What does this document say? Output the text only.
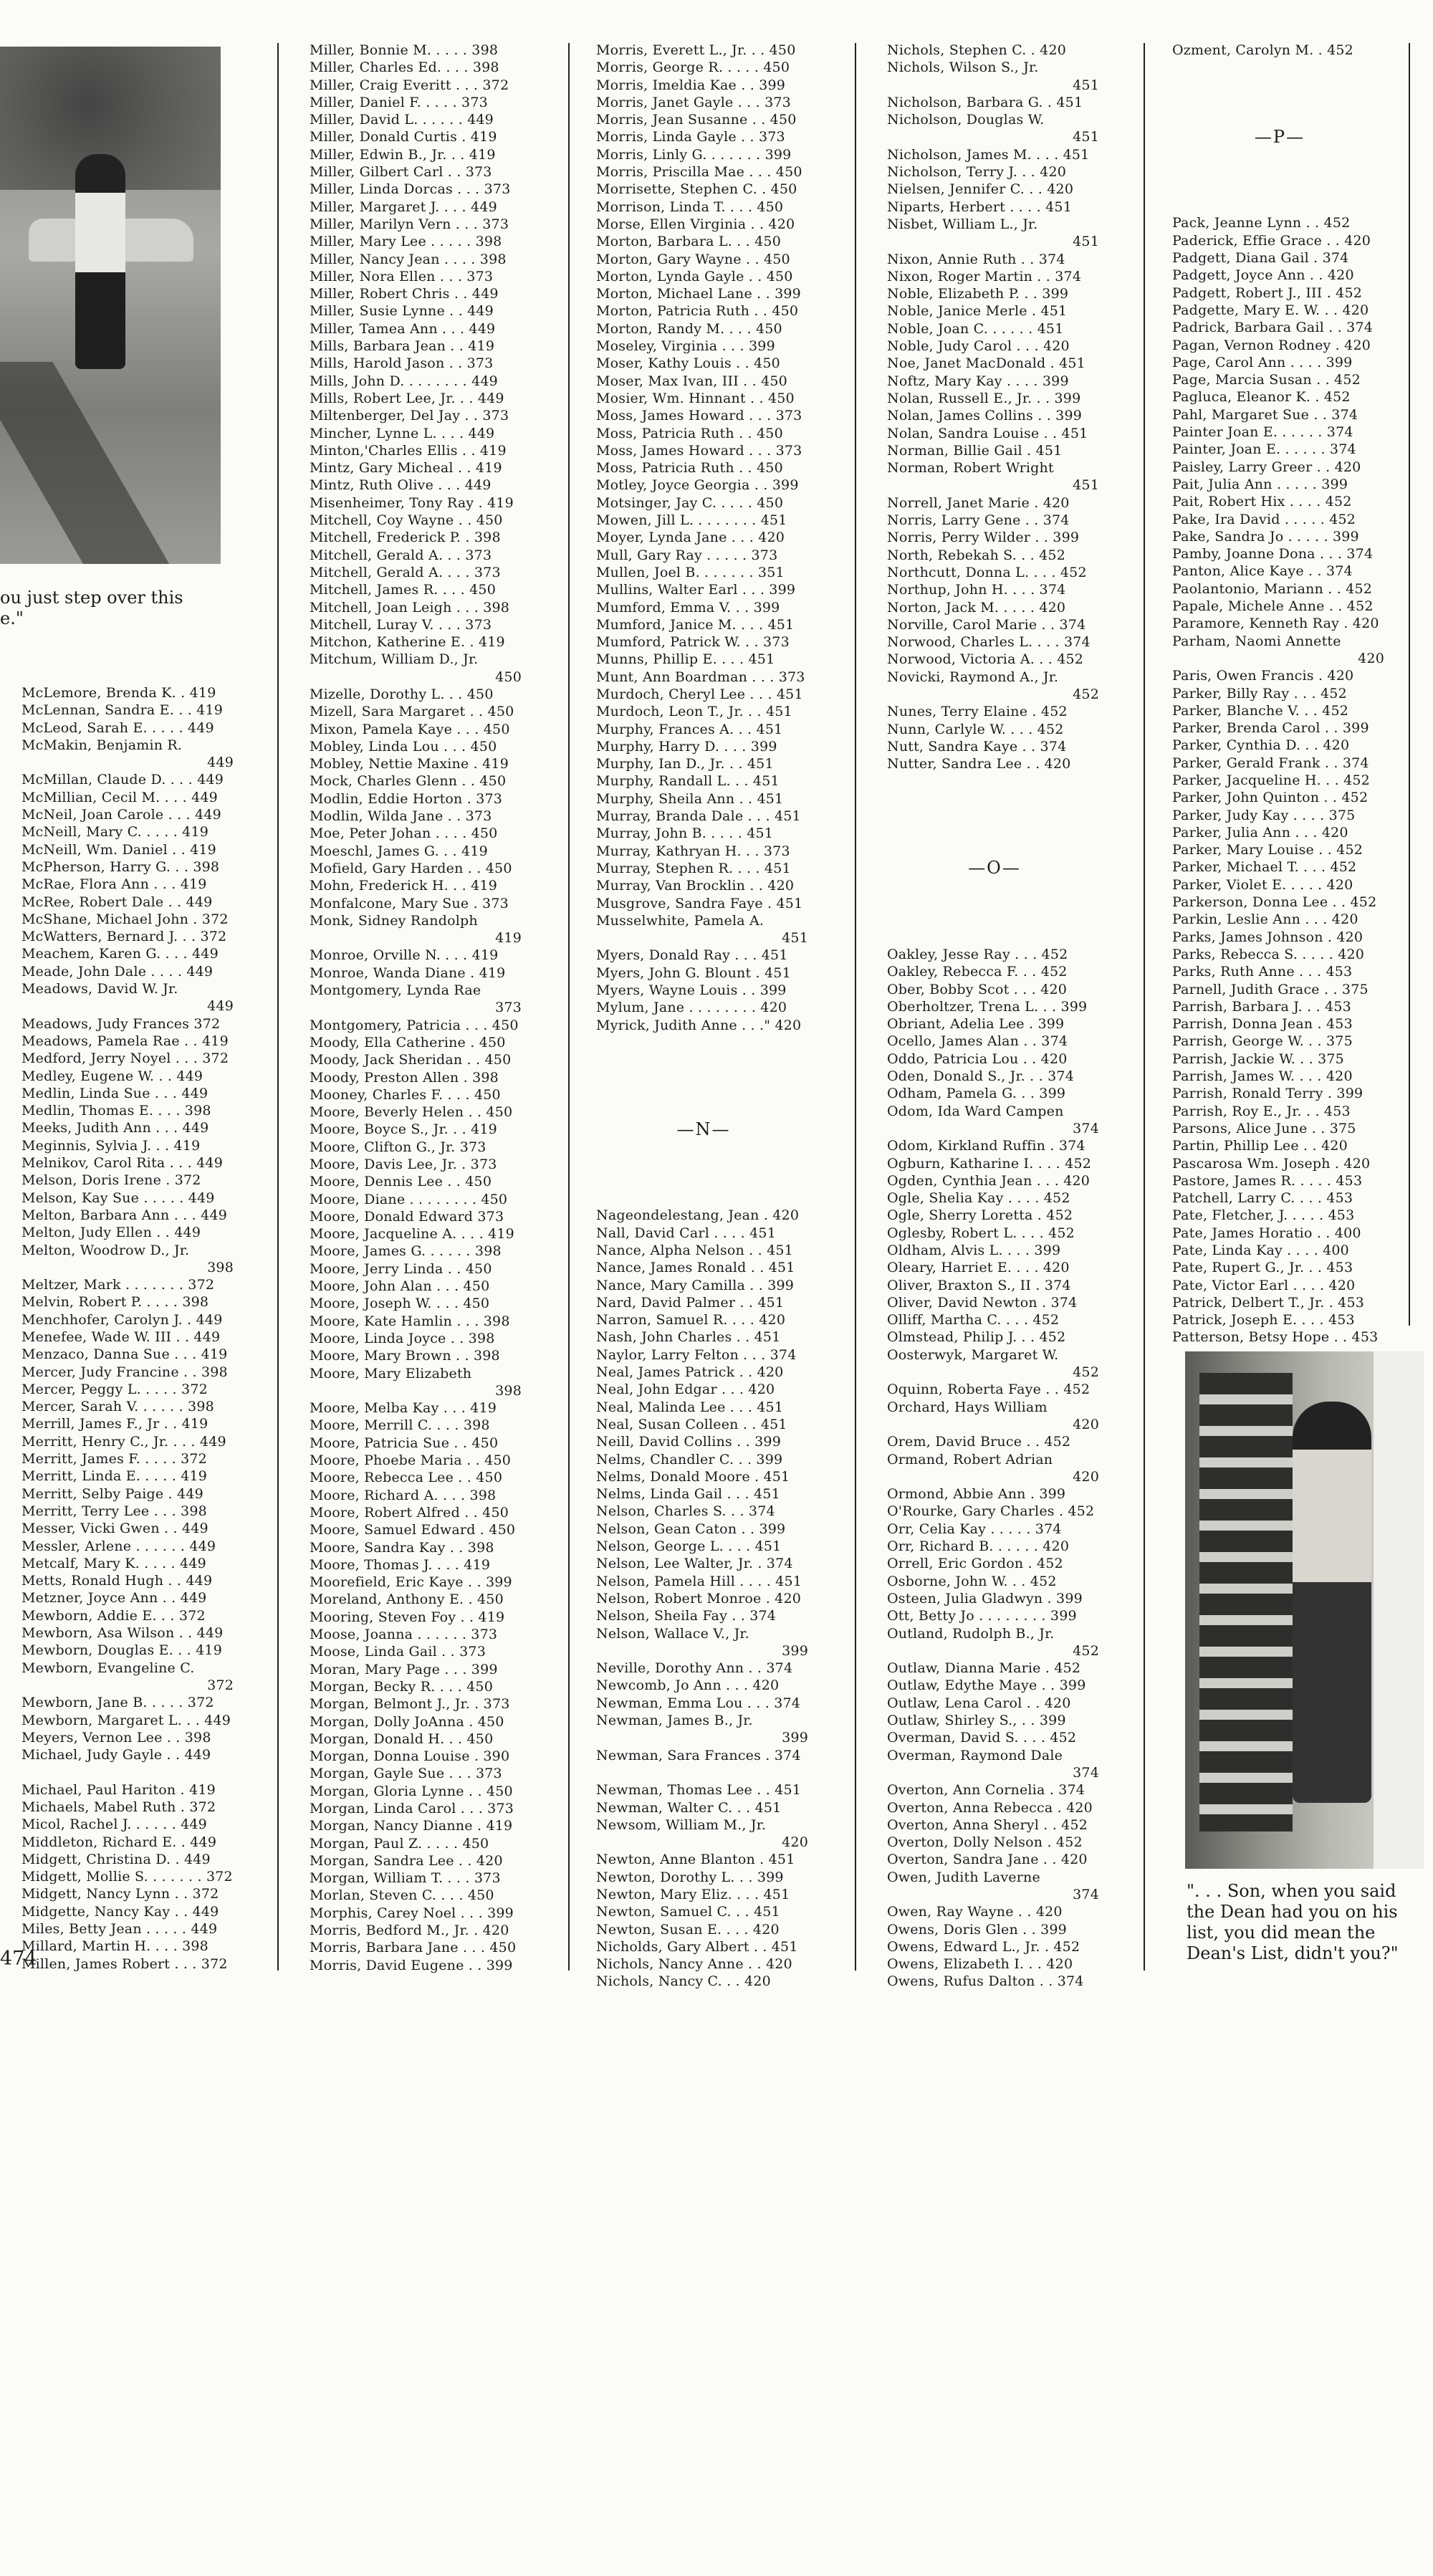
ou just step over this
e."
McLemore, Brenda K. . 419
McLennan, Sandra E. . . 419
McLeod, Sarah E. . . . . 449
McMakin, Benjamin R.
449
McMillan, Claude D. . . . 449
McMillian, Cecil M. . . . 449
McNeil, Joan Carole . . . 449
McNeill, Mary C. . . . . 419
McNeill, Wm. Daniel . . 419
McPherson, Harry G. . . 398
McRae, Flora Ann . . . 419
McRee, Robert Dale . . 449
McShane, Michael John . 372
McWatters, Bernard J. . . 372
Meachem, Karen G. . . . 449
Meade, John Dale . . . . 449
Meadows, David W. Jr.
449
Meadows, Judy Frances 372
Meadows, Pamela Rae . . 419
Medford, Jerry Noyel . . . 372
Medley, Eugene W. . . 449
Medlin, Linda Sue . . . 449
Medlin, Thomas E. . . . 398
Meeks, Judith Ann . . . 449
Meginnis, Sylvia J. . . 419
Melnikov, Carol Rita . . . 449
Melson, Doris Irene . 372
Melson, Kay Sue . . . . . 449
Melton, Barbara Ann . . . 449
Melton, Judy Ellen . . 449
Melton, Woodrow D., Jr.
398
Meltzer, Mark . . . . . . . 372
Melvin, Robert P. . . . . 398
Menchhofer, Carolyn J. . 449
Menefee, Wade W. III . . 449
Menzaco, Danna Sue . . . 419
Mercer, Judy Francine . . 398
Mercer, Peggy L. . . . . 372
Mercer, Sarah V. . . . . . 398
Merrill, James F., Jr . . 419
Merritt, Henry C., Jr. . . . 449
Merritt, James F. . . . . 372
Merritt, Linda E. . . . . 419
Merritt, Selby Paige . 449
Merritt, Terry Lee . . . 398
Messer, Vicki Gwen . . 449
Messler, Arlene . . . . . . 449
Metcalf, Mary K. . . . . 449
Metts, Ronald Hugh . . 449
Metzner, Joyce Ann . . 449
Mewborn, Addie E. . . 372
Mewborn, Asa Wilson . . 449
Mewborn, Douglas E. . . 419
Mewborn, Evangeline C.
372
Mewborn, Jane B. . . . . 372
Mewborn, Margaret L. . . 449
Meyers, Vernon Lee . . 398
Michael, Judy Gayle . . 449
Michael, Paul Hariton . 419
Michaels, Mabel Ruth . 372
Micol, Rachel J. . . . . . 449
Middleton, Richard E. . 449
Midgett, Christina D. . 449
Midgett, Mollie S. . . . . . . 372
Midgett, Nancy Lynn . . 372
Midgette, Nancy Kay . . 449
Miles, Betty Jean . . . . . 449
Millard, Martin H. . . . 398
Millen, James Robert . . . 372
Miller, Bonnie M. . . . . 398
Miller, Charles Ed. . . . 398
Miller, Craig Everitt . . . 372
Miller, Daniel F. . . . . 373
Miller, David L. . . . . . 449
Miller, Donald Curtis . 419
Miller, Edwin B., Jr. . . 419
Miller, Gilbert Carl . . 373
Miller, Linda Dorcas . . . 373
Miller, Margaret J. . . . 449
Miller, Marilyn Vern . . . 373
Miller, Mary Lee . . . . . 398
Miller, Nancy Jean . . . . 398
Miller, Nora Ellen . . . 373
Miller, Robert Chris . . 449
Miller, Susie Lynne . . 449
Miller, Tamea Ann . . . 449
Mills, Barbara Jean . . 419
Mills, Harold Jason . . 373
Mills, John D. . . . . . . . 449
Mills, Robert Lee, Jr. . . 449
Miltenberger, Del Jay . . 373
Mincher, Lynne L. . . . 449
Minton,'Charles Ellis . . 419
Mintz, Gary Micheal . . 419
Mintz, Ruth Olive . . . 449
Misenheimer, Tony Ray . 419
Mitchell, Coy Wayne . . 450
Mitchell, Frederick P. . 398
Mitchell, Gerald A. . . 373
Mitchell, Gerald A. . . . 373
Mitchell, James R. . . . 450
Mitchell, Joan Leigh . . . 398
Mitchell, Luray V. . . . 373
Mitchon, Katherine E. . 419
Mitchum, William D., Jr.
450
Mizelle, Dorothy L. . . 450
Mizell, Sara Margaret . . 450
Mixon, Pamela Kaye . . . 450
Mobley, Linda Lou . . . 450
Mobley, Nettie Maxine . 419
Mock, Charles Glenn . . 450
Modlin, Eddie Horton . 373
Modlin, Wilda Jane . . 373
Moe, Peter Johan . . . . 450
Moeschl, James G. . . 419
Mofield, Gary Harden . . 450
Mohn, Frederick H. . . 419
Monfalcone, Mary Sue . 373
Monk, Sidney Randolph
419
Monroe, Orville N. . . . 419
Monroe, Wanda Diane . 419
Montgomery, Lynda Rae
373
Montgomery, Patricia . . . 450
Moody, Ella Catherine . 450
Moody, Jack Sheridan . . 450
Moody, Preston Allen . 398
Mooney, Charles F. . . . 450
Moore, Beverly Helen . . 450
Moore, Boyce S., Jr. . . 419
Moore, Clifton G., Jr. 373
Moore, Davis Lee, Jr. . 373
Moore, Dennis Lee . . 450
Moore, Diane . . . . . . . . 450
Moore, Donald Edward 373
Moore, Jacqueline A. . . . 419
Moore, James G. . . . . . 398
Moore, Jerry Linda . . 450
Moore, John Alan . . . 450
Moore, Joseph W. . . . 450
Moore, Kate Hamlin . . . 398
Moore, Linda Joyce . . 398
Moore, Mary Brown . . 398
Moore, Mary Elizabeth
398
Moore, Melba Kay . . . 419
Moore, Merrill C. . . . 398
Moore, Patricia Sue . . 450
Moore, Phoebe Maria . . 450
Moore, Rebecca Lee . . 450
Moore, Richard A. . . . 398
Moore, Robert Alfred . . 450
Moore, Samuel Edward . 450
Moore, Sandra Kay . . 398
Moore, Thomas J. . . . 419
Moorefield, Eric Kaye . . 399
Moreland, Anthony E. . 450
Mooring, Steven Foy . . 419
Moose, Joanna . . . . . . 373
Moose, Linda Gail . . 373
Moran, Mary Page . . . 399
Morgan, Becky R. . . . 450
Morgan, Belmont J., Jr. . 373
Morgan, Dolly JoAnna . 450
Morgan, Donald H. . . 450
Morgan, Donna Louise . 390
Morgan, Gayle Sue . . . 373
Morgan, Gloria Lynne . . 450
Morgan, Linda Carol . . . 373
Morgan, Nancy Dianne . 419
Morgan, Paul Z. . . . . 450
Morgan, Sandra Lee . . 420
Morgan, William T. . . . 373
Morlan, Steven C. . . . 450
Morphis, Carey Noel . . . 399
Morris, Bedford M., Jr. . 420
Morris, Barbara Jane . . . 450
Morris, David Eugene . . 399
Morris, Everett L., Jr. . . 450
Morris, George R. . . . . 450
Morris, Imeldia Kae . . 399
Morris, Janet Gayle . . . 373
Morris, Jean Susanne . . 450
Morris, Linda Gayle . . 373
Morris, Linly G. . . . . . . 399
Morris, Priscilla Mae . . . 450
Morrisette, Stephen C. . 450
Morrison, Linda T. . . . 450
Morse, Ellen Virginia . . 420
Morton, Barbara L. . . 450
Morton, Gary Wayne . . 450
Morton, Lynda Gayle . . 450
Morton, Michael Lane . . 399
Morton, Patricia Ruth . . 450
Morton, Randy M. . . . 450
Moseley, Virginia . . . 399
Moser, Kathy Louis . . 450
Moser, Max Ivan, III . . 450
Mosier, Wm. Hinnant . . 450
Moss, James Howard . . . 373
Moss, Patricia Ruth . . 450
Moss, James Howard . . . 373
Moss, Patricia Ruth . . 450
Motley, Joyce Georgia . . 399
Motsinger, Jay C. . . . . 450
Mowen, Jill L. . . . . . . . 451
Moyer, Lynda Jane . . . 420
Mull, Gary Ray . . . . . 373
Mullen, Joel B. . . . . . . 351
Mullins, Walter Earl . . . 399
Mumford, Emma V. . . 399
Mumford, Janice M. . . . 451
Mumford, Patrick W. . . 373
Munns, Phillip E. . . . 451
Munt, Ann Boardman . . . 373
Murdoch, Cheryl Lee . . . 451
Murdoch, Leon T., Jr. . . 451
Murphy, Frances A. . . 451
Murphy, Harry D. . . . 399
Murphy, Ian D., Jr. . . 451
Murphy, Randall L. . . 451
Murphy, Sheila Ann . . 451
Murray, Branda Dale . . . 451
Murray, John B. . . . . 451
Murray, Kathryan H. . . 373
Murray, Stephen R. . . . 451
Murray, Van Brocklin . . 420
Musgrove, Sandra Faye . 451
Musselwhite, Pamela A.
451
Myers, Donald Ray . . . 451
Myers, John G. Blount . 451
Myers, Wayne Louis . . 399
Mylum, Jane . . . . . . . . 420
Myrick, Judith Anne . . ." 420
—N—
Nageondelestang, Jean . 420
Nall, David Carl . . . . 451
Nance, Alpha Nelson . . 451
Nance, James Ronald . . 451
Nance, Mary Camilla . . 399
Nard, David Palmer . . 451
Narron, Samuel R. . . . 420
Nash, John Charles . . 451
Naylor, Larry Felton . . . 374
Neal, James Patrick . . 420
Neal, John Edgar . . . 420
Neal, Malinda Lee . . . 451
Neal, Susan Colleen . . 451
Neill, David Collins . . 399
Nelms, Chandler C. . . 399
Nelms, Donald Moore . 451
Nelms, Linda Gail . . . 451
Nelson, Charles S. . . 374
Nelson, Gean Caton . . 399
Nelson, George L. . . . 451
Nelson, Lee Walter, Jr. . 374
Nelson, Pamela Hill . . . . 451
Nelson, Robert Monroe . 420
Nelson, Sheila Fay . . 374
Nelson, Wallace V., Jr.
399
Neville, Dorothy Ann . . 374
Newcomb, Jo Ann . . . 420
Newman, Emma Lou . . . 374
Newman, James B., Jr.
399
Newman, Sara Frances . 374
Newman, Thomas Lee . . 451
Newman, Walter C. . . 451
Newsom, William M., Jr.
420
Newton, Anne Blanton . 451
Newton, Dorothy L. . . 399
Newton, Mary Eliz. . . . 451
Newton, Samuel C. . . 451
Newton, Susan E. . . . 420
Nicholds, Gary Albert . . 451
Nichols, Nancy Anne . . 420
Nichols, Nancy C. . . 420
Nichols, Stephen C. . 420
Nichols, Wilson S., Jr.
451
Nicholson, Barbara G. . 451
Nicholson, Douglas W.
451
Nicholson, James M. . . . 451
Nicholson, Terry J. . . 420
Nielsen, Jennifer C. . . 420
Niparts, Herbert . . . . 451
Nisbet, William L., Jr.
451
Nixon, Annie Ruth . . 374
Nixon, Roger Martin . . 374
Noble, Elizabeth P. . . 399
Noble, Janice Merle . 451
Noble, Joan C. . . . . . 451
Noble, Judy Carol . . . 420
Noe, Janet MacDonald . 451
Noftz, Mary Kay . . . . 399
Nolan, Russell E., Jr. . . 399
Nolan, James Collins . . 399
Nolan, Sandra Louise . . 451
Norman, Billie Gail . 451
Norman, Robert Wright
451
Norrell, Janet Marie . 420
Norris, Larry Gene . . 374
Norris, Perry Wilder . . 399
North, Rebekah S. . . 452
Northcutt, Donna L. . . . 452
Northup, John H. . . . 374
Norton, Jack M. . . . . 420
Norville, Carol Marie . . 374
Norwood, Charles L. . . . 374
Norwood, Victoria A. . . 452
Novicki, Raymond A., Jr.
452
Nunes, Terry Elaine . 452
Nunn, Carlyle W. . . . 452
Nutt, Sandra Kaye . . 374
Nutter, Sandra Lee . . 420
—O—
Oakley, Jesse Ray . . . 452
Oakley, Rebecca F. . . 452
Ober, Bobby Scot . . . 420
Oberholtzer, Trena L. . . 399
Obriant, Adelia Lee . 399
Ocello, James Alan . . 374
Oddo, Patricia Lou . . 420
Oden, Donald S., Jr. . . 374
Odham, Pamela G. . . 399
Odom, Ida Ward Campen
374
Odom, Kirkland Ruffin . 374
Ogburn, Katharine I. . . . 452
Ogden, Cynthia Jean . . . 420
Ogle, Shelia Kay . . . . 452
Ogle, Sherry Loretta . 452
Oglesby, Robert L. . . . 452
Oldham, Alvis L. . . . 399
Oleary, Harriet E. . . . 420
Oliver, Braxton S., II . 374
Oliver, David Newton . 374
Olliff, Martha C. . . . 452
Olmstead, Philip J. . . 452
Oosterwyk, Margaret W.
452
Oquinn, Roberta Faye . . 452
Orchard, Hays William
420
Orem, David Bruce . . 452
Ormand, Robert Adrian
420
Ormond, Abbie Ann . 399
O'Rourke, Gary Charles . 452
Orr, Celia Kay . . . . . 374
Orr, Richard B. . . . . . 420
Orrell, Eric Gordon . 452
Osborne, John W. . . 452
Osteen, Julia Gladwyn . 399
Ott, Betty Jo . . . . . . . . 399
Outland, Rudolph B., Jr.
452
Outlaw, Dianna Marie . 452
Outlaw, Edythe Maye . . 399
Outlaw, Lena Carol . . 420
Outlaw, Shirley S., . . 399
Overman, David S. . . . 452
Overman, Raymond Dale
374
Overton, Ann Cornelia . 374
Overton, Anna Rebecca . 420
Overton, Anna Sheryl . . 452
Overton, Dolly Nelson . 452
Overton, Sandra Jane . . 420
Owen, Judith Laverne
374
Owen, Ray Wayne . . 420
Owens, Doris Glen . . 399
Owens, Edward L., Jr. . 452
Owens, Elizabeth I. . . 420
Owens, Rufus Dalton . . 374
Ozment, Carolyn M. . 452
—P—
Pack, Jeanne Lynn . . 452
Paderick, Effie Grace . . 420
Padgett, Diana Gail . 374
Padgett, Joyce Ann . . 420
Padgett, Robert J., III . 452
Padgette, Mary E. W. . . 420
Padrick, Barbara Gail . . 374
Pagan, Vernon Rodney . 420
Page, Carol Ann . . . . 399
Page, Marcia Susan . . 452
Pagluca, Eleanor K. . 452
Pahl, Margaret Sue . . 374
Painter Joan E. . . . . . 374
Painter, Joan E. . . . . . 374
Paisley, Larry Greer . . 420
Pait, Julia Ann . . . . . 399
Pait, Robert Hix . . . . 452
Pake, Ira David . . . . . 452
Pake, Sandra Jo . . . . . 399
Pamby, Joanne Dona . . . 374
Panton, Alice Kaye . . 374
Paolantonio, Mariann . . 452
Papale, Michele Anne . . 452
Paramore, Kenneth Ray . 420
Parham, Naomi Annette
420
Paris, Owen Francis . 420
Parker, Billy Ray . . . 452
Parker, Blanche V. . . 452
Parker, Brenda Carol . . 399
Parker, Cynthia D. . . 420
Parker, Gerald Frank . . 374
Parker, Jacqueline H. . . 452
Parker, John Quinton . . 452
Parker, Judy Kay . . . . 375
Parker, Julia Ann . . . 420
Parker, Mary Louise . . 452
Parker, Michael T. . . . 452
Parker, Violet E. . . . . 420
Parkerson, Donna Lee . . 452
Parkin, Leslie Ann . . . 420
Parks, James Johnson . 420
Parks, Rebecca S. . . . . 420
Parks, Ruth Anne . . . 453
Parnell, Judith Grace . . 375
Parrish, Barbara J. . . 453
Parrish, Donna Jean . 453
Parrish, George W. . . 375
Parrish, Jackie W. . . 375
Parrish, James W. . . . 420
Parrish, Ronald Terry . 399
Parrish, Roy E., Jr. . . 453
Parsons, Alice June . . 375
Partin, Phillip Lee . . 420
Pascarosa Wm. Joseph . 420
Pastore, James R. . . . . 453
Patchell, Larry C. . . . 453
Pate, Fletcher, J. . . . . 453
Pate, James Horatio . . 400
Pate, Linda Kay . . . . 400
Pate, Rupert G., Jr. . . 453
Pate, Victor Earl . . . . 420
Patrick, Delbert T., Jr. . 453
Patrick, Joseph E. . . . 453
Patterson, Betsy Hope . . 453
". . . Son, when you said
the Dean had you on his
list, you did mean the
Dean's List, didn't you?"
474
